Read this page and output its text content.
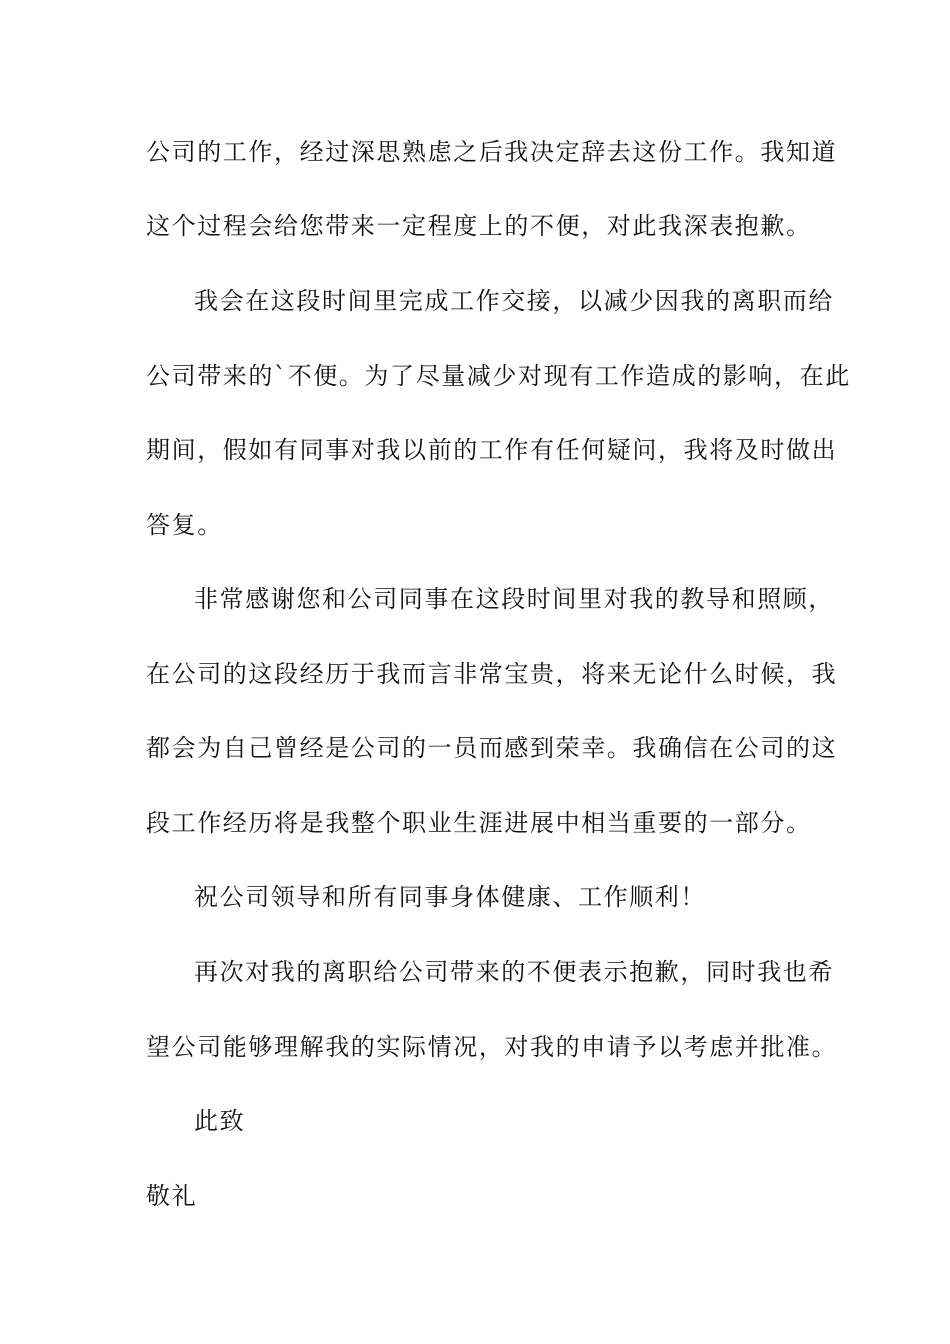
公司的工作，经过深思熟虑之后我决定辞去这份工作。我知道

这个过程会给您带来一定程度上的不便，对此我深表抱歉。

我会在这段时间里完成工作交接，以减少因我的离职而给

公司带来的`不便。为了尽量减少对现有工作造成的影响，在此

期间，假如有同事对我以前的工作有任何疑问，我将及时做出

答复。

非常感谢您和公司同事在这段时间里对我的教导和照顾，

在公司的这段经历于我而言非常宝贵，将来无论什么时候，我

都会为自己曾经是公司的一员而感到荣幸。我确信在公司的这

段工作经历将是我整个职业生涯进展中相当重要的一部分。

祝公司领导和所有同事身体健康、工作顺利！

再次对我的离职给公司带来的不便表示抱歉，同时我也希

望公司能够理解我的实际情况，对我的申请予以考虑并批准。

此致

敬礼
